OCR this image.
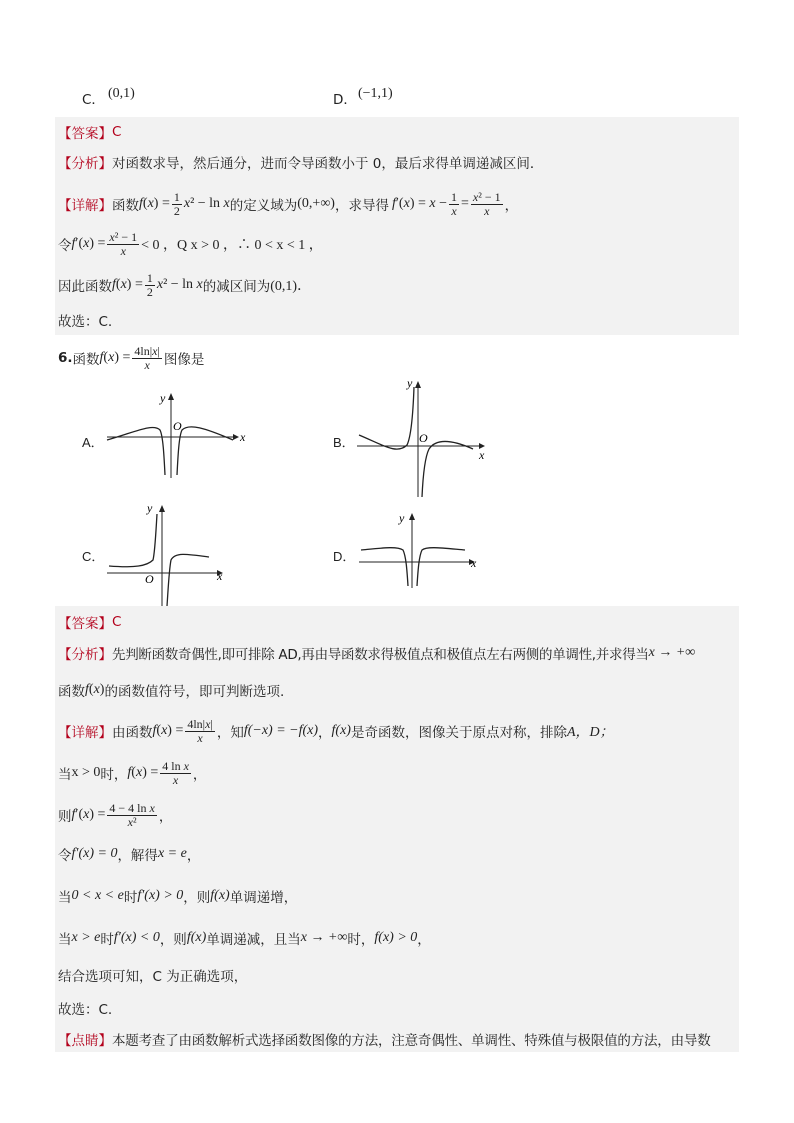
C． (0,1)	D． (−1,1)
【答案】 C
【分析】 对函数求导，然后通分，进而令导函数小于 0，最后求得单调递减区间．
【详解】 函数 $f(x) = \frac{1}{2} x^2 - \ln x$ 的定义域为 (0,+∞) ，求导得 $f'(x) = x - \frac{1}{x} = \frac{\text{x² − 1}}{x}$ ，
令 $f'(x) = \frac{\text{x² − 1}}{x} < 0$ ，Q x > 0 ，∴ 0 < x < 1 ，
因此函数 $f(x) = \frac{1}{2} x^2 - \ln x$ 的减区间为 (0,1)．
故选：C.
6. 函数 $f(x) = \frac{4\ln|x|}{x}$ 图像是
A．	B．
C．	D．
x
y
O
x
y
O
x
y
O
x
y
【答案】 C
【分析】 先判断函数奇偶性,即可排除 AD,再由导函数求得极值点和极值点左右两侧的单调性,并求得当 x → +∞
函数 f(x) 的函数值符号，即可判断选项.
【详解】 由函数 $f(x) = \frac{4\ln|x|}{x}$ ，知 f(−x) = −f(x) ， f(x) 是奇函数，图像关于原点对称，排除 A，D；
当 x > 0 时， $f(x) = \frac{\text{4 ln x}}{x}$ ，
则 $f'(x) = \frac{\text{4 − 4 ln x}}{\text{x²}}$ ，
令 f′(x) = 0 ，解得 x = e ，
当 0 < x < e 时 f′(x) > 0 ，则 f(x) 单调递增，
当 x > e 时 f′(x) < 0 ，则 f(x) 单调递减，且当 x → +∞ 时， f(x) > 0 ，
结合选项可知，C 为正确选项，
故选：C.
【点睛】 本题考查了由函数解析式选择函数图像的方法，注意奇偶性、单调性、特殊值与极限值的方法，由导数
